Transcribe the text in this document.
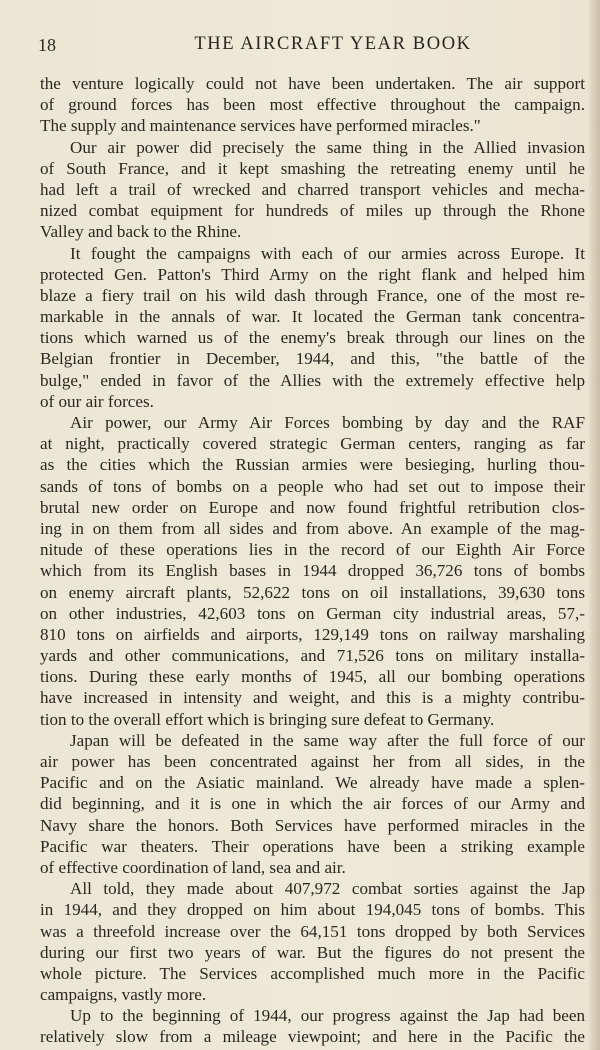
18	THE AIRCRAFT YEAR BOOK
the venture logically could not have been undertaken. The air support
of ground forces has been most effective throughout the campaign.
The supply and maintenance services have performed miracles."
Our air power did precisely the same thing in the Allied invasion
of South France, and it kept smashing the retreating enemy until he
had left a trail of wrecked and charred transport vehicles and mecha-
nized combat equipment for hundreds of miles up through the Rhone
Valley and back to the Rhine.
It fought the campaigns with each of our armies across Europe. It
protected Gen. Patton's Third Army on the right flank and helped him
blaze a fiery trail on his wild dash through France, one of the most re-
markable in the annals of war. It located the German tank concentra-
tions which warned us of the enemy's break through our lines on the
Belgian frontier in December, 1944, and this, "the battle of the
bulge," ended in favor of the Allies with the extremely effective help
of our air forces.
Air power, our Army Air Forces bombing by day and the RAF
at night, practically covered strategic German centers, ranging as far
as the cities which the Russian armies were besieging, hurling thou-
sands of tons of bombs on a people who had set out to impose their
brutal new order on Europe and now found frightful retribution clos-
ing in on them from all sides and from above. An example of the mag-
nitude of these operations lies in the record of our Eighth Air Force
which from its English bases in 1944 dropped 36,726 tons of bombs
on enemy aircraft plants, 52,622 tons on oil installations, 39,630 tons
on other industries, 42,603 tons on German city industrial areas, 57,-
810 tons on airfields and airports, 129,149 tons on railway marshaling
yards and other communications, and 71,526 tons on military installa-
tions. During these early months of 1945, all our bombing operations
have increased in intensity and weight, and this is a mighty contribu-
tion to the overall effort which is bringing sure defeat to Germany.
Japan will be defeated in the same way after the full force of our
air power has been concentrated against her from all sides, in the
Pacific and on the Asiatic mainland. We already have made a splen-
did beginning, and it is one in which the air forces of our Army and
Navy share the honors. Both Services have performed miracles in the
Pacific war theaters. Their operations have been a striking example
of effective coordination of land, sea and air.
All told, they made about 407,972 combat sorties against the Jap
in 1944, and they dropped on him about 194,045 tons of bombs. This
was a threefold increase over the 64,151 tons dropped by both Services
during our first two years of war. But the figures do not present the
whole picture. The Services accomplished much more in the Pacific
campaigns, vastly more.
Up to the beginning of 1944, our progress against the Jap had been
relatively slow from a mileage viewpoint; and here in the Pacific the
